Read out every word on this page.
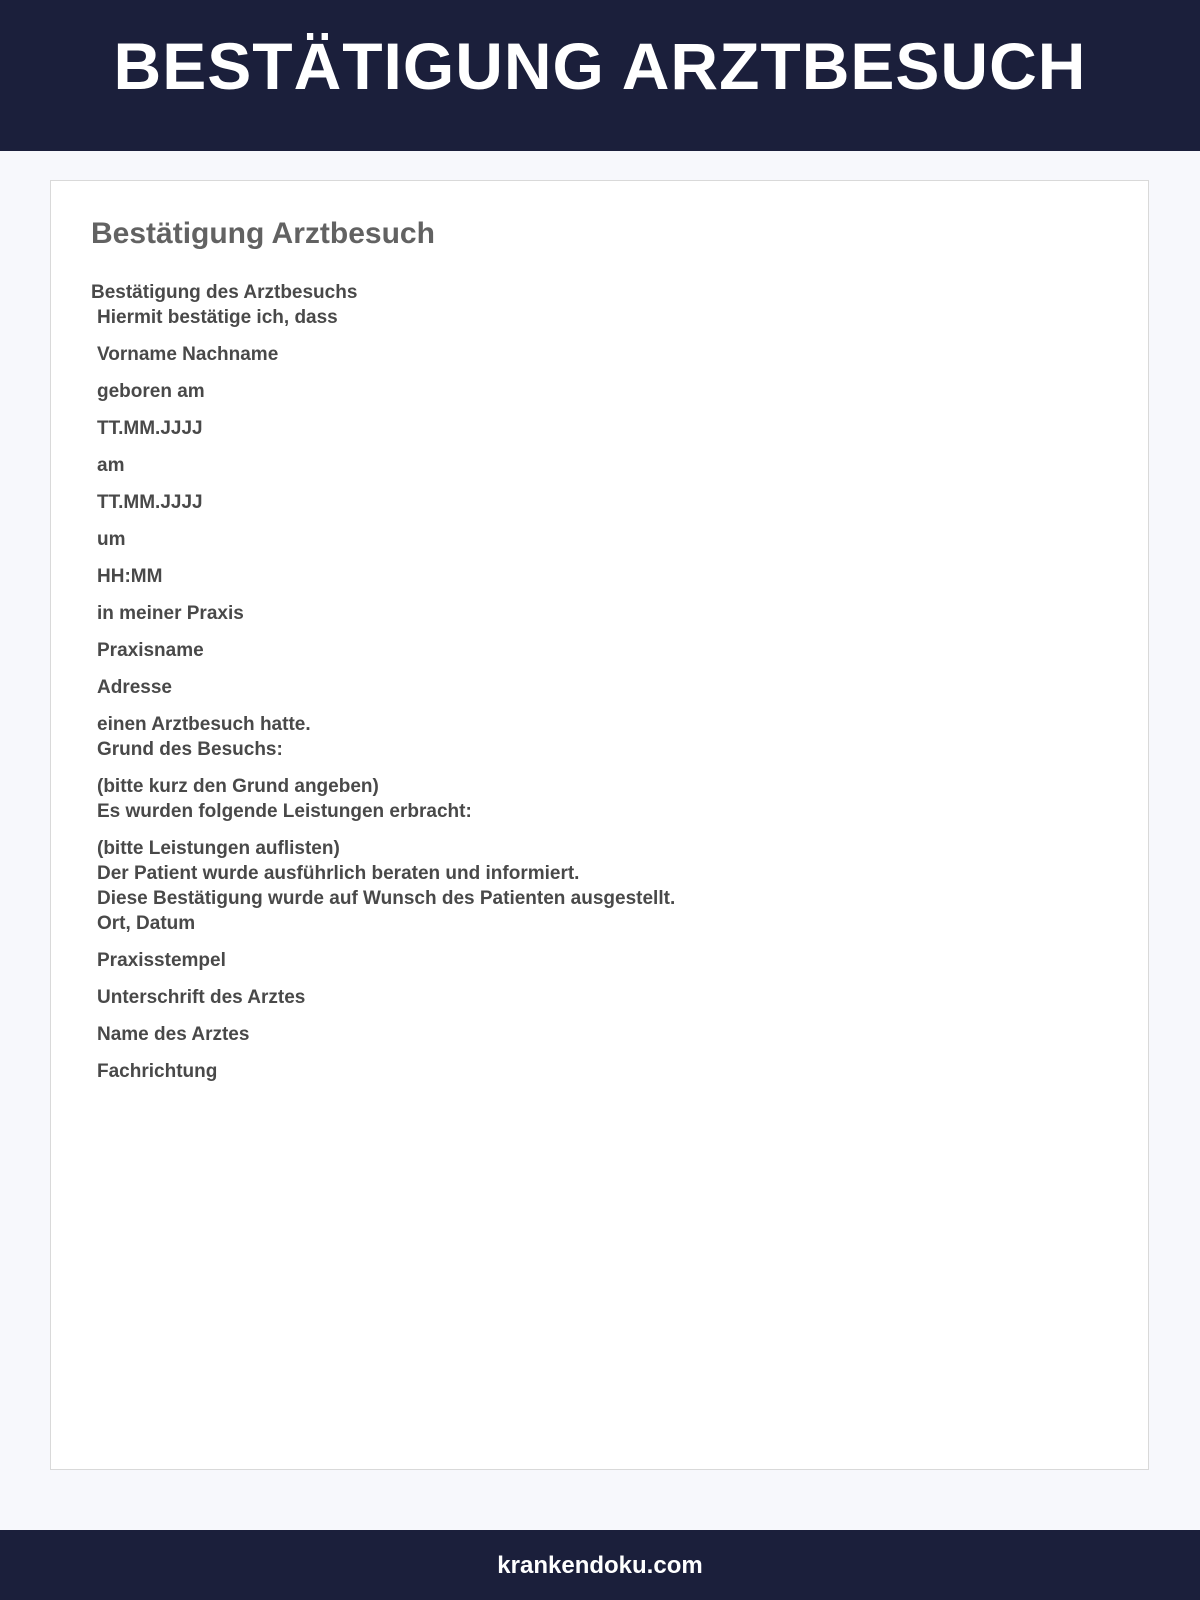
BESTÄTIGUNG ARZTBESUCH
Bestätigung Arztbesuch
Bestätigung des Arztbesuchs
Hiermit bestätige ich, dass
Vorname Nachname
geboren am
TT.MM.JJJJ
am
TT.MM.JJJJ
um
HH:MM
in meiner Praxis
Praxisname
Adresse
einen Arztbesuch hatte.
Grund des Besuchs:
(bitte kurz den Grund angeben)
Es wurden folgende Leistungen erbracht:
(bitte Leistungen auflisten)
Der Patient wurde ausführlich beraten und informiert.
Diese Bestätigung wurde auf Wunsch des Patienten ausgestellt.
Ort, Datum
Praxisstempel
Unterschrift des Arztes
Name des Arztes
Fachrichtung
krankendoku.com
